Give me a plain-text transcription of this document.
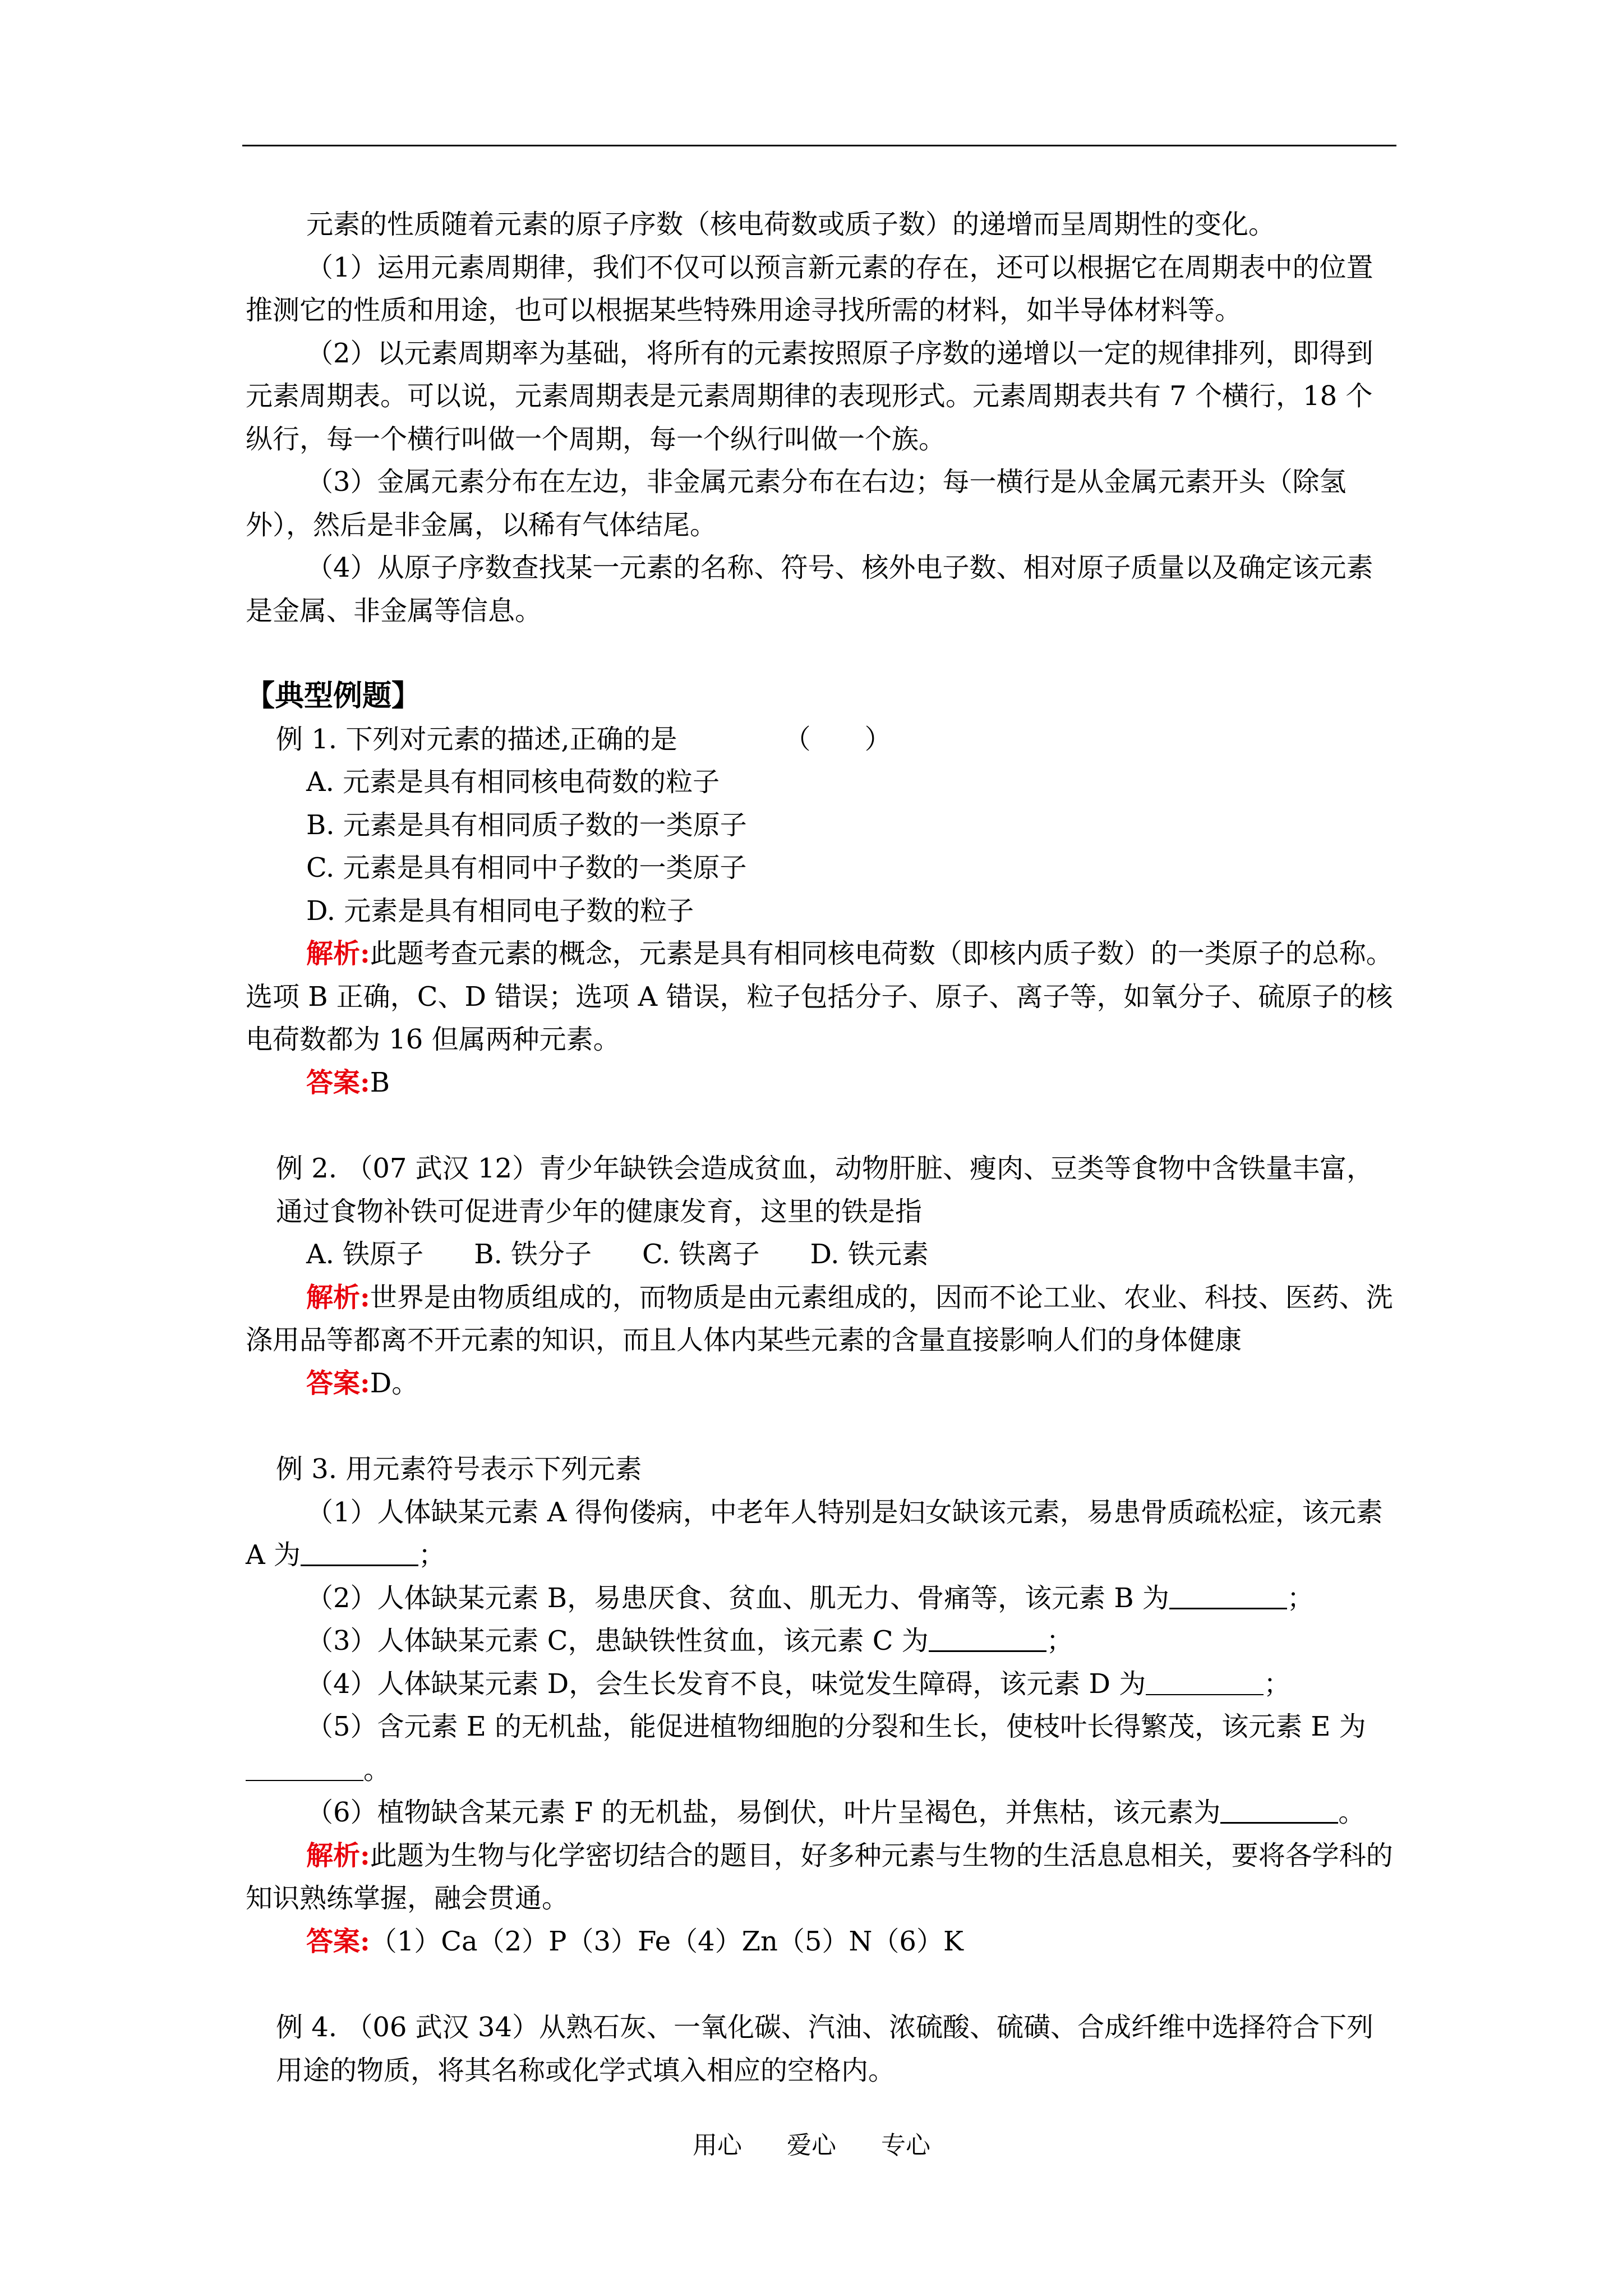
元素的性质随着元素的原子序数（核电荷数或质子数）的递增而呈周期性的变化。

（1）运用元素周期律，我们不仅可以预言新元素的存在，还可以根据它在周期表中的位置推测它的性质和用途，也可以根据某些特殊用途寻找所需的材料，如半导体材料等。

（2）以元素周期率为基础，将所有的元素按照原子序数的递增以一定的规律排列，即得到元素周期表。可以说，元素周期表是元素周期律的表现形式。元素周期表共有 7 个横行，18 个纵行，每一个横行叫做一个周期，每一个纵行叫做一个族。

（3）金属元素分布在左边，非金属元素分布在右边；每一横行是从金属元素开头（除氢外），然后是非金属，以稀有气体结尾。

（4）从原子序数查找某一元素的名称、符号、核外电子数、相对原子质量以及确定该元素是金属、非金属等信息。

【典型例题】

例 1. 下列对元素的描述,正确的是	（　　）

A. 元素是具有相同核电荷数的粒子

B. 元素是具有相同质子数的一类原子

C. 元素是具有相同中子数的一类原子

D. 元素是具有相同电子数的粒子

解析:此题考查元素的概念，元素是具有相同核电荷数（即核内质子数）的一类原子的总称。选项 B 正确，C、D 错误；选项 A 错误，粒子包括分子、原子、离子等，如氧分子、硫原子的核电荷数都为 16 但属两种元素。

答案:B

例 2. （07 武汉 12）青少年缺铁会造成贫血，动物肝脏、瘦肉、豆类等食物中含铁量丰富，通过食物补铁可促进青少年的健康发育，这里的铁是指

A. 铁原子 B. 铁分子 C. 铁离子 D. 铁元素

解析:世界是由物质组成的，而物质是由元素组成的，因而不论工业、农业、科技、医药、洗涤用品等都离不开元素的知识，而且人体内某些元素的含量直接影响人们的身体健康

答案:D。

例 3. 用元素符号表示下列元素

（1）人体缺某元素 A 得佝偻病，中老年人特别是妇女缺该元素，易患骨质疏松症，该元素 A 为	；

（2）人体缺某元素 B，易患厌食、贫血、肌无力、骨痛等，该元素 B 为	；

（3）人体缺某元素 C，患缺铁性贫血，该元素 C 为	；

（4）人体缺某元素 D，会生长发育不良，味觉发生障碍，该元素 D 为	；

（5）含元素 E 的无机盐，能促进植物细胞的分裂和生长，使枝叶长得繁茂，该元素 E 为。

（6）植物缺含某元素 F 的无机盐，易倒伏，叶片呈褐色，并焦枯，该元素为	。

解析:此题为生物与化学密切结合的题目，好多种元素与生物的生活息息相关，要将各学科的知识熟练掌握，融会贯通。

答案:（1）Ca（2）P（3）Fe（4）Zn（5）N（6）K

例 4. （06 武汉 34）从熟石灰、一氧化碳、汽油、浓硫酸、硫磺、合成纤维中选择符合下列用途的物质，将其名称或化学式填入相应的空格内。

用心 爱心 专心
